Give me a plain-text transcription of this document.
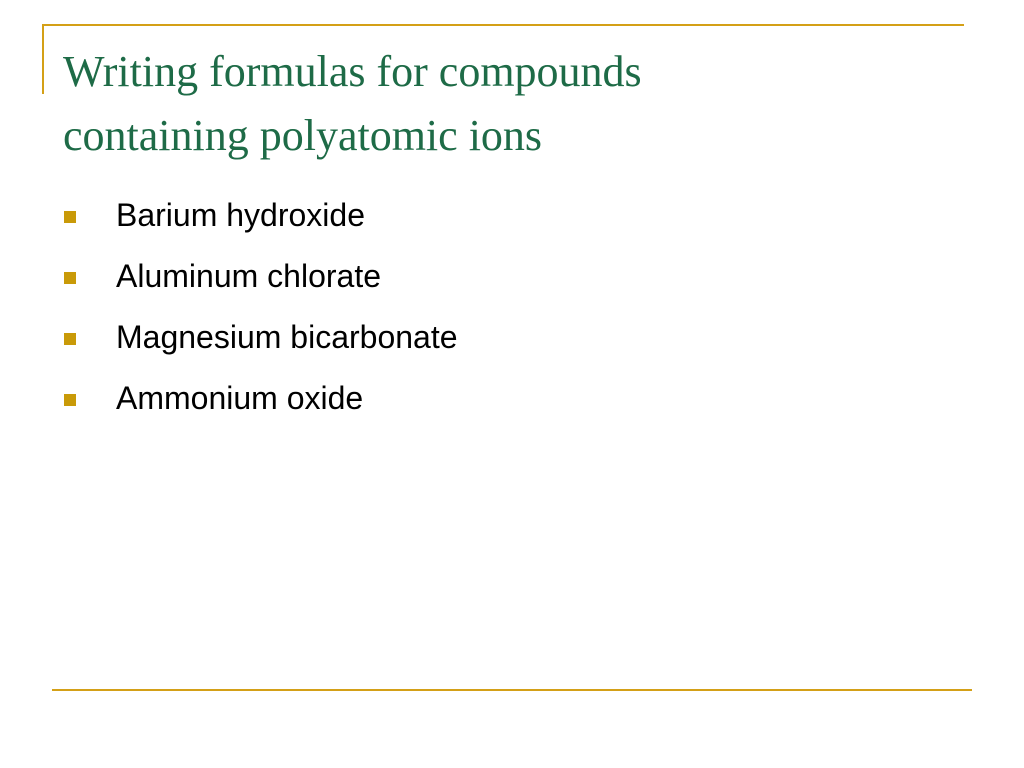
Writing formulas for compounds
containing polyatomic ions
Barium hydroxide
Aluminum chlorate
Magnesium bicarbonate
Ammonium oxide
